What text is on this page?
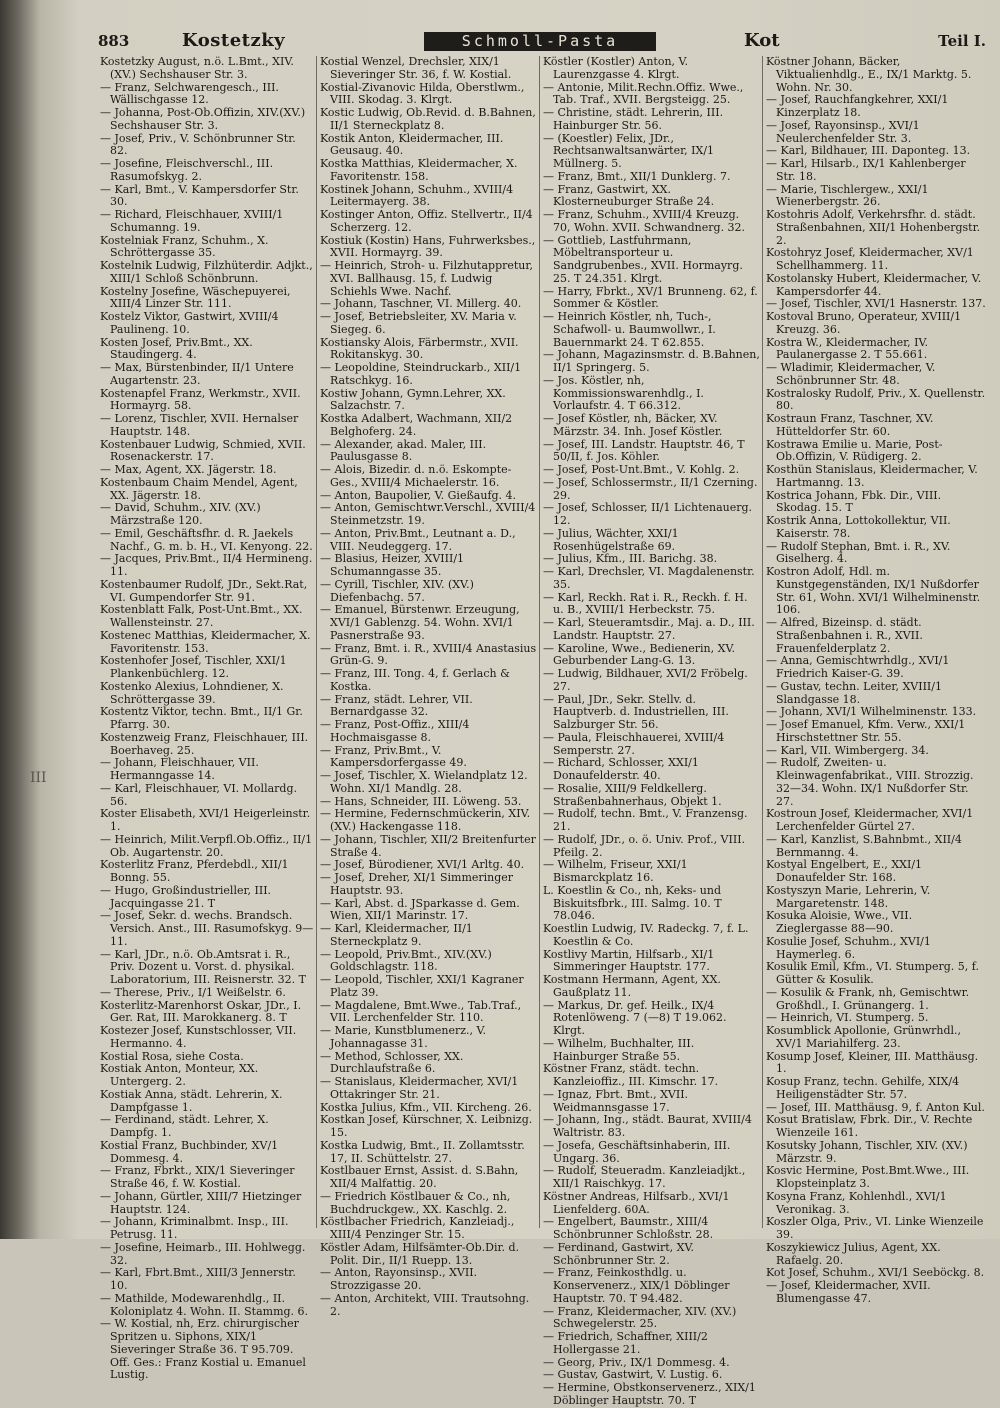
883	Kostetzky	Schmoll-Pasta	Kot	Teil I.
III
Kostetzky August, n.ö. L.Bmt., XIV. (XV.) Sechshauser Str. 3.
— Franz, Selchwarengesch., III. Wällischgasse 12.
— Johanna, Post-Ob.Offizin, XIV.(XV.) Sechshauser Str. 3.
— Josef, Priv., V. Schönbrunner Str. 82.
— Josefine, Fleischverschl., III. Rasumofskyg. 2.
— Karl, Bmt., V. Kampersdorfer Str. 30.
— Richard, Fleischhauer, XVIII/1 Schumanng. 19.
Kostelniak Franz, Schuhm., X. Schröttergasse 35.
Kostelnik Ludwig, Filzhüterdir. Adjkt., XIII/1 Schloß Schönbrunn.
Kostelny Josefine, Wäschepuyerei, XIII/4 Linzer Str. 111.
Kostelz Viktor, Gastwirt, XVIII/4 Paulineng. 10.
Kosten Josef, Priv.Bmt., XX. Staudingerg. 4.
— Max, Bürstenbinder, II/1 Untere Augartenstr. 23.
Kostenapfel Franz, Werkmstr., XVII. Hormayrg. 58.
— Lorenz, Tischler, XVII. Hernalser Hauptstr. 148.
Kostenbauer Ludwig, Schmied, XVII. Rosenackerstr. 17.
— Max, Agent, XX. Jägerstr. 18.
Kostenbaum Chaim Mendel, Agent, XX. Jägerstr. 18.
— David, Schuhm., XIV. (XV.) Märzstraße 120.
— Emil, Geschäftsfhr. d. R. Jaekels Nachf., G. m. b. H., VI. Kenyong. 22.
— Jacques, Priv.Bmt., II/4 Hermineng. 11.
Kostenbaumer Rudolf, JDr., Sekt.Rat, VI. Gumpendorfer Str. 91.
Kostenblatt Falk, Post-Unt.Bmt., XX. Wallensteinstr. 27.
Kostenec Matthias, Kleidermacher, X. Favoritenstr. 153.
Kostenhofer Josef, Tischler, XXI/1 Plankenbüchlerg. 12.
Kostenko Alexius, Lohndiener, X. Schröttergasse 39.
Kostentz Viktor, techn. Bmt., II/1 Gr. Pfarrg. 30.
Kostenzweig Franz, Fleischhauer, III. Boerhaveg. 25.
— Johann, Fleischhauer, VII. Hermanngasse 14.
— Karl, Fleischhauer, VI. Mollardg. 56.
Koster Elisabeth, XVI/1 Heigerleinstr. 1.
— Heinrich, Milit.Verpfl.Ob.Offiz., II/1 Ob. Augartenstr. 20.
Kosterlitz Franz, Pferdebdl., XII/1 Bonng. 55.
— Hugo, Großindustrieller, III. Jacquingasse 21. T
— Josef, Sekr. d. wechs. Brandsch. Versich. Anst., III. Rasumofskyg. 9—11.
— Karl, JDr., n.ö. Ob.Amtsrat i. R., Priv. Dozent u. Vorst. d. physikal. Laboratorium, III. Reisnerstr. 32. T
— Therese, Priv., I/1 Weißelstr. 6.
Kosterlitz-Marenhorst Oskar, JDr., I. Ger. Rat, III. Marokkanerg. 8. T
Kostezer Josef, Kunstschlosser, VII. Hermanno. 4.
Kostial Rosa, siehe Costa.
Kostiak Anton, Monteur, XX. Untergerg. 2.
Kostiak Anna, städt. Lehrerin, X. Dampfgasse 1.
— Ferdinand, städt. Lehrer, X. Dampfg. 1.
Kostial Franz, Buchbinder, XV/1 Dommesg. 4.
— Franz, Fbrkt., XIX/1 Sieveringer Straße 46, f. W. Kostial.
— Johann, Gürtler, XIII/7 Hietzinger Hauptstr. 124.
— Johann, Kriminalbmt. Insp., III. Petrusg. 11.
— Josefine, Heimarb., III. Hohlwegg. 32.
— Karl, Fbrt.Bmt., XIII/3 Jennerstr. 10.
— Mathilde, Modewarenhdlg., II. Koloniplatz 4. Wohn. II. Stammg. 6.
— W. Kostial, nh, Erz. chirurgischer Spritzen u. Siphons, XIX/1 Sieveringer Straße 36. T 95.709. Off. Ges.: Franz Kostial u. Emanuel Lustig.
Kostial Wenzel, Drechsler, XIX/1 Sieveringer Str. 36, f. W. Kostial.
Kostial-Zivanovic Hilda, Oberstlwm., VIII. Skodag. 3. Klrgt.
Kostic Ludwig, Ob.Revid. d. B.Bahnen, II/1 Sterneckplatz 8.
Kostik Anton, Kleidermacher, III. Geusaug. 40.
Kostka Matthias, Kleidermacher, X. Favoritenstr. 158.
Kostinek Johann, Schuhm., XVIII/4 Leitermayerg. 38.
Kostinger Anton, Offiz. Stellvertr., II/4 Scherzerg. 12.
Kostiuk (Kostin) Hans, Fuhrwerksbes., XVII. Hormayrg. 39.
— Heinrich, Stroh- u. Filzhutappretur, XVI. Ballhausg. 15, f. Ludwig Schiehls Wwe. Nachf.
— Johann, Taschner, VI. Millerg. 40.
— Josef, Betriebsleiter, XV. Maria v. Siegeg. 6.
Kostiansky Alois, Färbermstr., XVII. Rokitanskyg. 30.
— Leopoldine, Steindruckarb., XII/1 Ratschkyg. 16.
Kostiw Johann, Gymn.Lehrer, XX. Salzachstr. 7.
Kostka Adalbert, Wachmann, XII/2 Belghoferg. 24.
— Alexander, akad. Maler, III. Paulusgasse 8.
— Alois, Bizedir. d. n.ö. Eskompte-Ges., XVIII/4 Michaelerstr. 16.
— Anton, Baupolier, V. Gießaufg. 4.
— Anton, Gemischtwr.Verschl., XVIII/4 Steinmetzstr. 19.
— Anton, Priv.Bmt., Leutnant a. D., VIII. Neudeggerg. 17.
— Blasius, Heizer, XVIII/1 Schumanngasse 35.
— Cyrill, Tischler, XIV. (XV.) Diefenbachg. 57.
— Emanuel, Bürstenwr. Erzeugung, XVI/1 Gablenzg. 54. Wohn. XVI/1 Pasnerstraße 93.
— Franz, Bmt. i. R., XVIII/4 Anastasius Grün-G. 9.
— Franz, III. Tong. 4, f. Gerlach & Kostka.
— Franz, städt. Lehrer, VII. Bernardgasse 32.
— Franz, Post-Offiz., XIII/4 Hochmaisgasse 8.
— Franz, Priv.Bmt., V. Kampersdorfergasse 49.
— Josef, Tischler, X. Wielandplatz 12. Wohn. XI/1 Mandlg. 28.
— Hans, Schneider, III. Löweng. 53.
— Hermine, Federnschmückerin, XIV. (XV.) Hackengasse 118.
— Johann, Tischler, XII/2 Breitenfurter Straße 4.
— Josef, Bürodiener, XVI/1 Arltg. 40.
— Josef, Dreher, XI/1 Simmeringer Hauptstr. 93.
— Karl, Abst. d. JSparkasse d. Gem. Wien, XII/1 Marinstr. 17.
— Karl, Kleidermacher, II/1 Sterneckplatz 9.
— Leopold, Priv.Bmt., XIV.(XV.) Goldschlagstr. 118.
— Leopold, Tischler, XXI/1 Kagraner Platz 39.
— Magdalene, Bmt.Wwe., Tab.Traf., VII. Lerchenfelder Str. 110.
— Marie, Kunstblumenerz., V. Johannagasse 31.
— Method, Schlosser, XX. Durchlaufstraße 6.
— Stanislaus, Kleidermacher, XVI/1 Ottakringer Str. 21.
Kostka Julius, Kfm., VII. Kircheng. 26.
Kostkan Josef, Kürschner, X. Leibnizg. 15.
Kostka Ludwig, Bmt., II. Zollamtsstr. 17, II. Schüttelstr. 27.
Kostlbauer Ernst, Assist. d. S.Bahn, XII/4 Malfattig. 20.
— Friedrich Köstlbauer & Co., nh, Buchdruckgew., XX. Kaschlg. 2.
Köstlbacher Friedrich, Kanzleiadj., XIII/4 Penzinger Str. 15.
Köstler Adam, Hilfsämter-Ob.Dir. d. Polit. Dir., II/1 Ruepp. 13.
— Anton, Rayonsinsp., XVII. Strozzigasse 20.
— Anton, Architekt, VIII. Trautsohng. 2.
Köstler (Kostler) Anton, V. Laurenzgasse 4. Klrgt.
— Antonie, Milit.Rechn.Offiz. Wwe., Tab. Traf., XVII. Bergsteigg. 25.
— Christine, städt. Lehrerin, III. Hainburger Str. 56.
— (Koestler) Felix, JDr., Rechtsanwaltsanwärter, IX/1 Müllnerg. 5.
— Franz, Bmt., XII/1 Dunklerg. 7.
— Franz, Gastwirt, XX. Klosterneuburger Straße 24.
— Franz, Schuhm., XVIII/4 Kreuzg. 70, Wohn. XVII. Schwandnerg. 32.
— Gottlieb, Lastfuhrmann, Möbeltransporteur u. Sandgrubenbes., XVII. Hormayrg. 25. T 24.351. Klrgt.
— Harry, Fbrkt., XV/1 Brunneng. 62, f. Sommer & Köstler.
— Heinrich Köstler, nh, Tuch-, Schafwoll- u. Baumwollwr., I. Bauernmarkt 24. T 62.855.
— Johann, Magazinsmstr. d. B.Bahnen, II/1 Springerg. 5.
— Jos. Köstler, nh, Kommissionswarenhdlg., I. Vorlaufstr. 4. T 66.312.
— Josef Köstler, nh, Bäcker, XV. Märzstr. 34. Inh. Josef Köstler.
— Josef, III. Landstr. Hauptstr. 46, T 50/II, f. Jos. Köhler.
— Josef, Post-Unt.Bmt., V. Kohlg. 2.
— Josef, Schlossermstr., II/1 Czerning. 29.
— Josef, Schlosser, II/1 Lichtenauerg. 12.
— Julius, Wächter, XXI/1 Rosenhügelstraße 69.
— Julius, Kfm., III. Barichg. 38.
— Karl, Drechsler, VI. Magdalenenstr. 35.
— Karl, Reckh. Rat i. R., Reckh. f. H. u. B., XVIII/1 Herbeckstr. 75.
— Karl, Steueramtsdir., Maj. a. D., III. Landstr. Hauptstr. 27.
— Karoline, Wwe., Bedienerin, XV. Geburbender Lang-G. 13.
— Ludwig, Bildhauer, XVI/2 Fröbelg. 27.
— Paul, JDr., Sekr. Stellv. d. Hauptverb. d. Industriellen, III. Salzburger Str. 56.
— Paula, Fleischhauerei, XVIII/4 Semperstr. 27.
— Richard, Schlosser, XXI/1 Donaufelderstr. 40.
— Rosalie, XIII/9 Feldkellerg. Straßenbahnerhaus, Objekt 1.
— Rudolf, techn. Bmt., V. Franzensg. 21.
— Rudolf, JDr., o. ö. Univ. Prof., VIII. Pfeilg. 2.
— Wilhelm, Friseur, XXI/1 Bismarckplatz 16.
L. Koestlin & Co., nh, Keks- und Biskuitsfbrk., III. Salmg. 10. T 78.046.
Koestlin Ludwig, IV. Radeckg. 7, f. L. Koestlin & Co.
Kostlivy Martin, Hilfsarb., XI/1 Simmeringer Hauptstr. 177.
Kostmann Hermann, Agent, XX. Gaußplatz 11.
— Markus, Dr. gef. Heilk., IX/4 Rotenlöweng. 7 (—8) T 19.062. Klrgt.
— Wilhelm, Buchhalter, III. Hainburger Straße 55.
Köstner Franz, städt. techn. Kanzleioffiz., III. Kimschr. 17.
— Ignaz, Fbrt. Bmt., XVII. Weidmannsgasse 17.
— Johann, Ing., städt. Baurat, XVIII/4 Waltristr. 83.
— Josefa, Geschäftsinhaberin, III. Ungarg. 36.
— Rudolf, Steueradm. Kanzleiadjkt., XII/1 Raischkyg. 17.
Köstner Andreas, Hilfsarb., XVI/1 Lienfelderg. 60A.
— Engelbert, Baumstr., XIII/4 Schönbrunner Schloßstr. 28.
— Ferdinand, Gastwirt, XV. Schönbrunner Str. 2.
— Franz, Feinkosthdlg. u. Konservenerz., XIX/1 Döblinger Hauptstr. 70. T 94.482.
— Franz, Kleidermacher, XIV. (XV.) Schwegelerstr. 25.
— Friedrich, Schaffner, XIII/2 Hollergasse 21.
— Georg, Priv., IX/1 Dommesg. 4.
— Gustav, Gastwirt, V. Lustig. 6.
— Hermine, Obstkonservenerz., XIX/1 Döblinger Hauptstr. 70. T
Köstner Johann, Bäcker, Viktualienhdlg., E., IX/1 Marktg. 5. Wohn. Nr. 30.
— Josef, Rauchfangkehrer, XXI/1 Kinzerplatz 18.
— Josef, Rayonsinsp., XVI/1 Neulerchenfelder Str. 3.
— Karl, Bildhauer, III. Daponteg. 13.
— Karl, Hilsarb., IX/1 Kahlenberger Str. 18.
— Marie, Tischlergew., XXI/1 Wienerbergstr. 26.
Kostohris Adolf, Verkehrsfhr. d. städt. Straßenbahnen, XII/1 Hohenbergstr. 2.
Kostohryz Josef, Kleidermacher, XV/1 Schellhammerg. 11.
Kostolansky Hubert, Kleidermacher, V. Kampersdorfer 44.
— Josef, Tischler, XVI/1 Hasnerstr. 137.
Kostoval Bruno, Operateur, XVIII/1 Kreuzg. 36.
Kostra W., Kleidermacher, IV. Paulanergasse 2. T 55.661.
— Wladimir, Kleidermacher, V. Schönbrunner Str. 48.
Kostralosky Rudolf, Priv., X. Quellenstr. 80.
Kostraun Franz, Taschner, XV. Hütteldorfer Str. 60.
Kostrawa Emilie u. Marie, Post-Ob.Offizin, V. Rüdigerg. 2.
Kosthün Stanislaus, Kleidermacher, V. Hartmanng. 13.
Kostrica Johann, Fbk. Dir., VIII. Skodag. 15. T
Kostrik Anna, Lottokollektur, VII. Kaiserstr. 78.
— Rudolf Stephan, Bmt. i. R., XV. Giselherg. 4.
Kostron Adolf, Hdl. m. Kunstgegenständen, IX/1 Nußdorfer Str. 61, Wohn. XVI/1 Wilhelminenstr. 106.
— Alfred, Bizeinsp. d. städt. Straßenbahnen i. R., XVII. Frauenfelderplatz 2.
— Anna, Gemischtwrhdlg., XVI/1 Friedrich Kaiser-G. 39.
— Gustav, techn. Leiter, XVIII/1 Slandgasse 18.
— Johann, XVI/1 Wilhelminenstr. 133.
— Josef Emanuel, Kfm. Verw., XXI/1 Hirschstettner Str. 55.
— Karl, VII. Wimbergerg. 34.
— Rudolf, Zweiten- u. Kleinwagenfabrikat., VIII. Strozzig. 32—34. Wohn. IX/1 Nußdorfer Str. 27.
Kostroun Josef, Kleidermacher, XVI/1 Lerchenfelder Gürtel 27.
— Karl, Kanzlist, S.Bahnbmt., XII/4 Bernmanng. 4.
Kostyal Engelbert, E., XXI/1 Donaufelder Str. 168.
Kostyszyn Marie, Lehrerin, V. Margaretenstr. 148.
Kosuka Aloisie, Wwe., VII. Zieglergasse 88—90.
Kosulie Josef, Schuhm., XVI/1 Haymerleg. 6.
Kosulik Emil, Kfm., VI. Stumperg. 5, f. Gütter & Kosulik.
— Kosulik & Frank, nh, Gemischtwr. Großhdl., I. Grünangerg. 1.
— Heinrich, VI. Stumperg. 5.
Kosumblick Apollonie, Grünwrhdl., XV/1 Mariahilferg. 23.
Kosump Josef, Kleiner, III. Matthäusg. 1.
Kosup Franz, techn. Gehilfe, XIX/4 Heiligenstädter Str. 57.
— Josef, III. Matthäusg. 9, f. Anton Kul.
Kosut Bratislaw, Fbrk. Dir., V. Rechte Wienzeile 161.
Kosutsky Johann, Tischler, XIV. (XV.) Märzstr. 9.
Kosvic Hermine, Post.Bmt.Wwe., III. Klopsteinplatz 3.
Kosyna Franz, Kohlenhdl., XVI/1 Veronikag. 3.
Koszler Olga, Priv., VI. Linke Wienzeile 39.
Koszykiewicz Julius, Agent, XX. Rafaelg. 20.
Kot Josef, Schuhm., XVI/1 Seeböckg. 8.
— Josef, Kleidermacher, XVII. Blumengasse 47.
